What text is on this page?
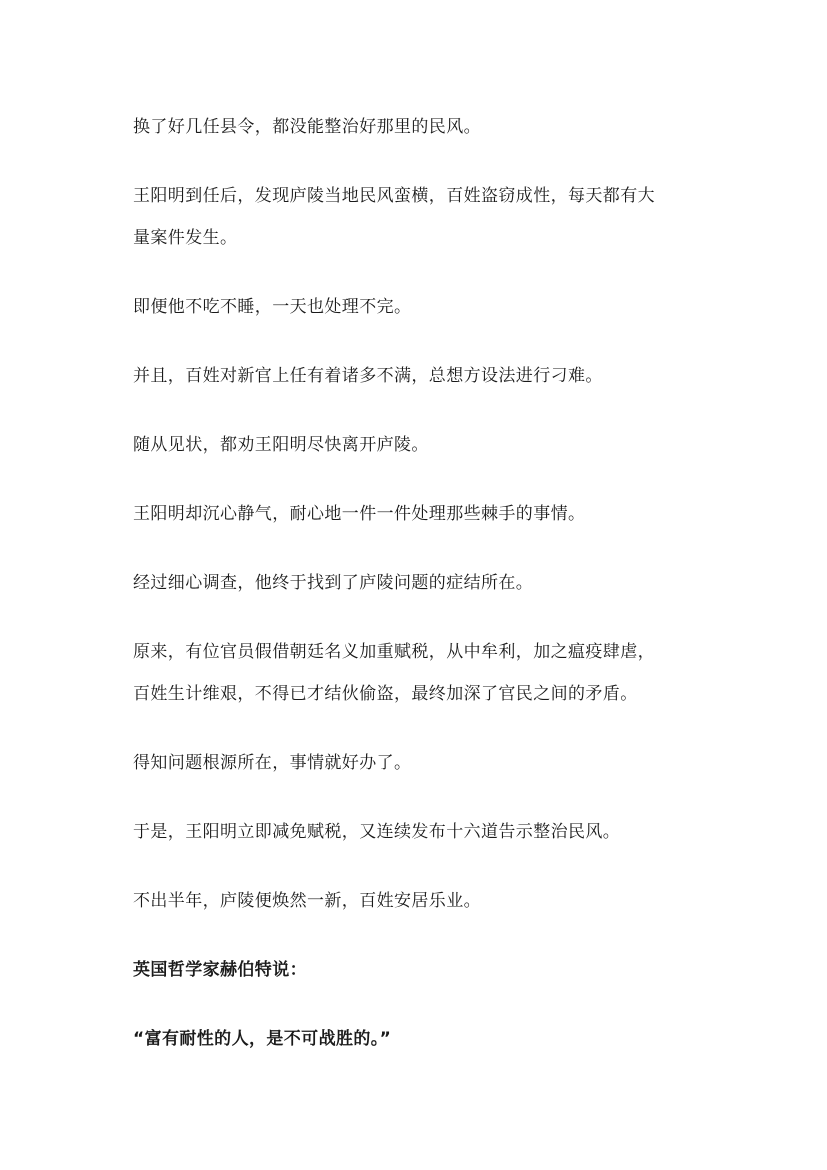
换了好几任县令，都没能整治好那里的民风。

王阳明到任后，发现庐陵当地民风蛮横，百姓盗窃成性，每天都有大
量案件发生。

即便他不吃不睡，一天也处理不完。

并且，百姓对新官上任有着诸多不满，总想方设法进行刁难。

随从见状，都劝王阳明尽快离开庐陵。

王阳明却沉心静气，耐心地一件一件处理那些棘手的事情。

经过细心调查，他终于找到了庐陵问题的症结所在。

原来，有位官员假借朝廷名义加重赋税，从中牟利，加之瘟疫肆虐，
百姓生计维艰，不得已才结伙偷盗，最终加深了官民之间的矛盾。

得知问题根源所在，事情就好办了。

于是，王阳明立即减免赋税，又连续发布十六道告示整治民风。

不出半年，庐陵便焕然一新，百姓安居乐业。

英国哲学家赫伯特说：

“富有耐性的人，是不可战胜的。”
